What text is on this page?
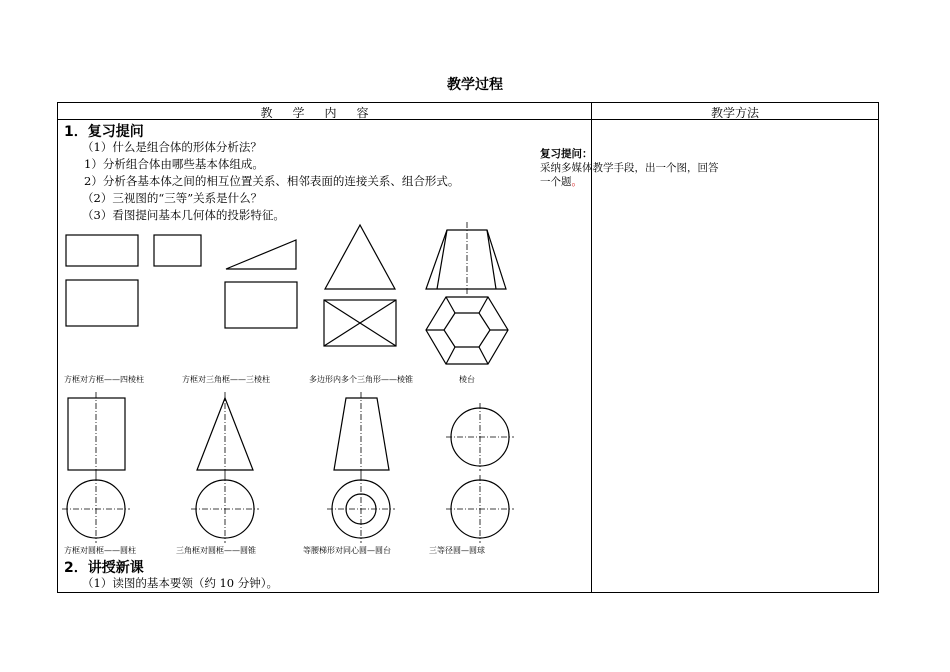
教学过程
教学内容	教学方法
1．复习提问
（1）什么是组合体的形体分析法？
1）分析组合体由哪些基本体组成。
2）分析各基本体之间的相互位置关系、相邻表面的连接关系、组合形式。
（2）三视图的“三等”关系是什么？
（3）看图提问基本几何体的投影特征。
方框对方框——四棱柱	方框对三角框——三棱柱	多边形内多个三角形——棱锥	棱台
方框对圆框——圆柱	三角框对圆框——圆锥	等腰梯形对同心圆—圆台	三等径圆—圆球
2．讲授新课
（1）读图的基本要领（约 10 分钟）。
复习提问：
采纳多媒体教学手段，出一个图，回答
一个题。
